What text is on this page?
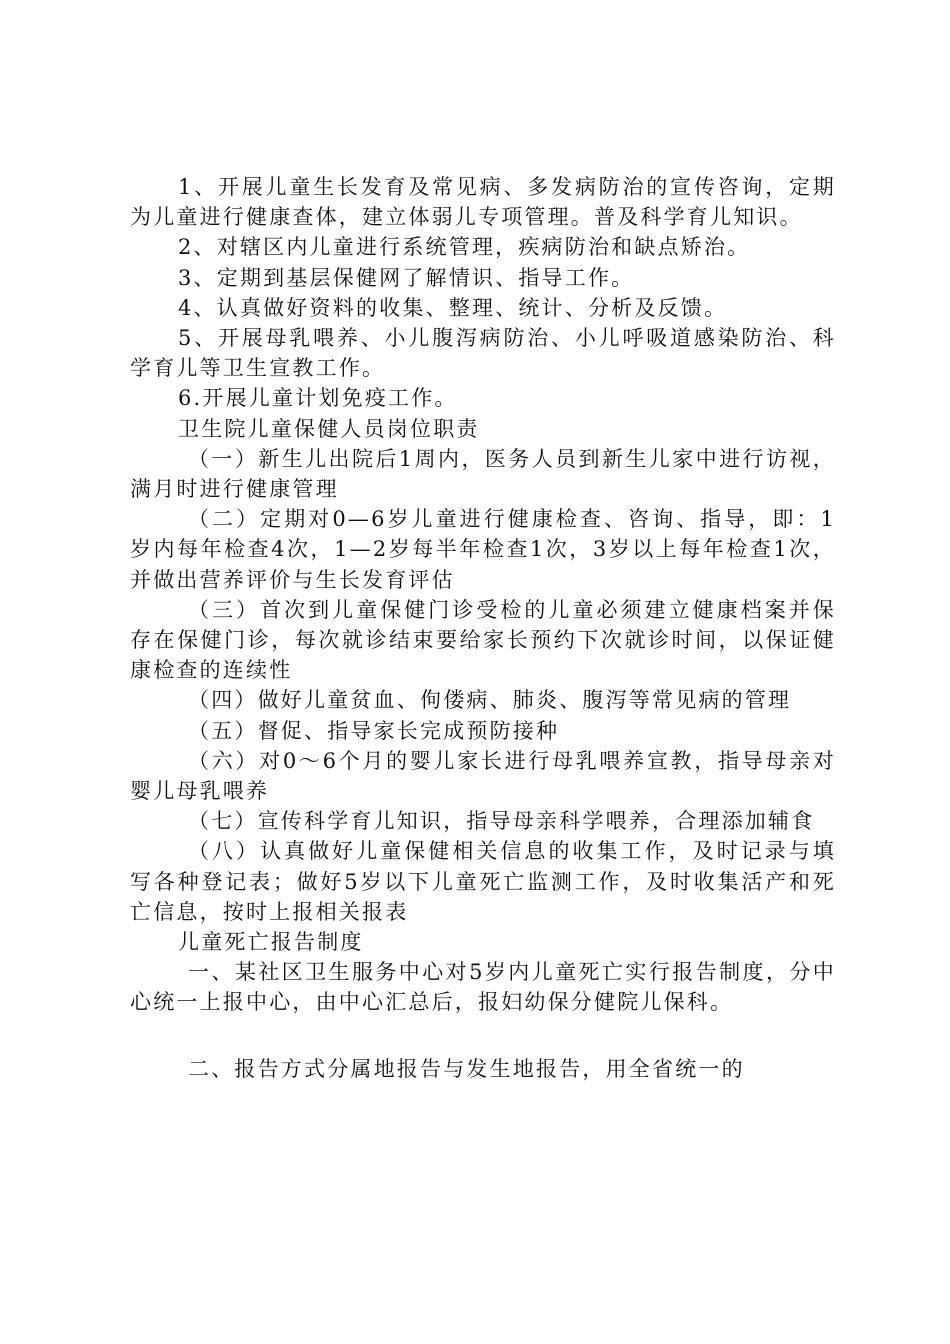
1、开展儿童生长发育及常见病、多发病防治的宣传咨询，定期为儿童进行健康查体，建立体弱儿专项管理。普及科学育儿知识。

2、对辖区内儿童进行系统管理，疾病防治和缺点矫治。

3、定期到基层保健网了解情识、指导工作。

4、认真做好资料的收集、整理、统计、分析及反馈。

5、开展母乳喂养、小儿腹泻病防治、小儿呼吸道感染防治、科学育儿等卫生宣教工作。

6.开展儿童计划免疫工作。

卫生院儿童保健人员岗位职责

（一）新生儿出院后1周内，医务人员到新生儿家中进行访视，满月时进行健康管理

（二）定期对0—6岁儿童进行健康检查、咨询、指导，即：1岁内每年检查4次，1—2岁每半年检查1次，3岁以上每年检查1次，并做出营养评价与生长发育评估

（三）首次到儿童保健门诊受检的儿童必须建立健康档案并保存在保健门诊，每次就诊结束要给家长预约下次就诊时间，以保证健康检查的连续性

（四）做好儿童贫血、佝偻病、肺炎、腹泻等常见病的管理

（五）督促、指导家长完成预防接种

（六）对0～6个月的婴儿家长进行母乳喂养宣教，指导母亲对婴儿母乳喂养

（七）宣传科学育儿知识，指导母亲科学喂养，合理添加辅食

（八）认真做好儿童保健相关信息的收集工作，及时记录与填写各种登记表；做好5岁以下儿童死亡监测工作，及时收集活产和死亡信息，按时上报相关报表

儿童死亡报告制度

一、某社区卫生服务中心对5岁内儿童死亡实行报告制度，分中心统一上报中心，由中心汇总后，报妇幼保分健院儿保科。

二、报告方式分属地报告与发生地报告，用全省统一的
